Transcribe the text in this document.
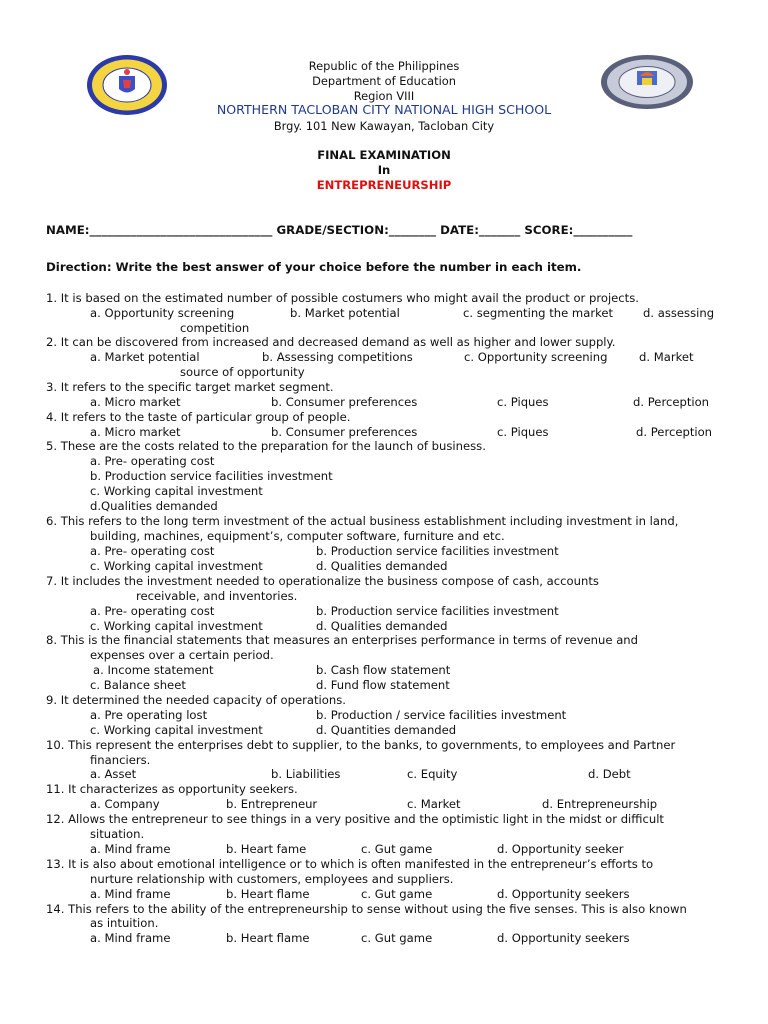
Republic of the Philippines
Department of Education
Region VIII
NORTHERN TACLOBAN CITY NATIONAL HIGH SCHOOL
Brgy. 101 New Kawayan, Tacloban City
FINAL EXAMINATION
In
ENTREPRENEURSHIP
NAME:_______________________________ GRADE/SECTION:________ DATE:_______ SCORE:__________
Direction: Write the best answer of your choice before the number in each item.
1. It is based on the estimated number of possible costumers who might avail the product or projects.
a. Opportunity screening	b. Market potential	c. segmenting the market	d. assessing
competition
2. It can be discovered from increased and decreased demand as well as higher and lower supply.
a. Market potential	b. Assessing competitions	c. Opportunity screening	d. Market
source of opportunity
3. It refers to the specific target market segment.
a. Micro market	b. Consumer preferences	c. Piques	d. Perception
4. It refers to the taste of particular group of people.
a. Micro market	b. Consumer preferences	c. Piques	d. Perception
5. These are the costs related to the preparation for the launch of business.
a. Pre- operating cost
b. Production service facilities investment
c. Working capital investment
d.Qualities demanded
6. This refers to the long term investment of the actual business establishment including investment in land,
building, machines, equipment’s, computer software, furniture and etc.
a. Pre- operating cost	b. Production service facilities investment
c. Working capital investment	d. Qualities demanded
7. It includes the investment needed to operationalize the business compose of cash, accounts
receivable, and inventories.
a. Pre- operating cost	b. Production service facilities investment
c. Working capital investment	d. Qualities demanded
8. This is the financial statements that measures an enterprises performance in terms of revenue and
expenses over a certain period.
a. Income statement	b. Cash flow statement
c. Balance sheet	d. Fund flow statement
9. It determined the needed capacity of operations.
a. Pre operating lost	b. Production / service facilities investment
c. Working capital investment	d. Quantities demanded
10. This represent the enterprises debt to supplier, to the banks, to governments, to employees and Partner
financiers.
a. Asset	b. Liabilities	c. Equity	d. Debt
11. It characterizes as opportunity seekers.
a. Company	b. Entrepreneur	c. Market	d. Entrepreneurship
12. Allows the entrepreneur to see things in a very positive and the optimistic light in the midst or difficult
situation.
a. Mind frame	b. Heart fame	c. Gut game	d. Opportunity seeker
13. It is also about emotional intelligence or to which is often manifested in the entrepreneur’s efforts to
nurture relationship with customers, employees and suppliers.
a. Mind frame	b. Heart flame	c. Gut game	d. Opportunity seekers
14. This refers to the ability of the entrepreneurship to sense without using the five senses. This is also known
as intuition.
a. Mind frame	b. Heart flame	c. Gut game	d. Opportunity seekers
